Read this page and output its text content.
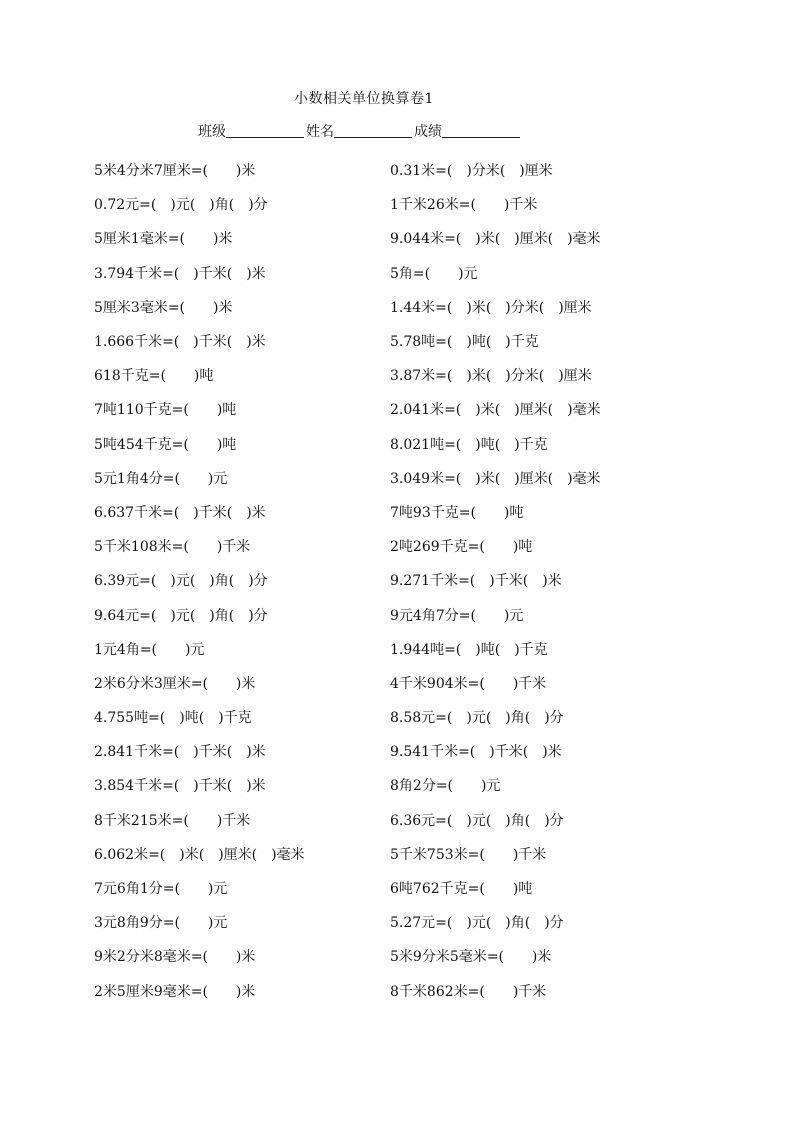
小数相关单位换算卷1
班级	姓名	成绩
5米4分米7厘米=(　　)米	0.31米=(　)分米(　)厘米
0.72元=(　)元(　)角(　)分	1千米26米=(　　)千米
5厘米1毫米=(　　)米	9.044米=(　)米(　)厘米(　)毫米
3.794千米=(　)千米(　)米	5角=(　　)元
5厘米3毫米=(　　)米	1.44米=(　)米(　)分米(　)厘米
1.666千米=(　)千米(　)米	5.78吨=(　)吨(　)千克
618千克=(　　)吨	3.87米=(　)米(　)分米(　)厘米
7吨110千克=(　　)吨	2.041米=(　)米(　)厘米(　)毫米
5吨454千克=(　　)吨	8.021吨=(　)吨(　)千克
5元1角4分=(　　)元	3.049米=(　)米(　)厘米(　)毫米
6.637千米=(　)千米(　)米	7吨93千克=(　　)吨
5千米108米=(　　)千米	2吨269千克=(　　)吨
6.39元=(　)元(　)角(　)分	9.271千米=(　)千米(　)米
9.64元=(　)元(　)角(　)分	9元4角7分=(　　)元
1元4角=(　　)元	1.944吨=(　)吨(　)千克
2米6分米3厘米=(　　)米	4千米904米=(　　)千米
4.755吨=(　)吨(　)千克	8.58元=(　)元(　)角(　)分
2.841千米=(　)千米(　)米	9.541千米=(　)千米(　)米
3.854千米=(　)千米(　)米	8角2分=(　　)元
8千米215米=(　　)千米	6.36元=(　)元(　)角(　)分
6.062米=(　)米(　)厘米(　)毫米	5千米753米=(　　)千米
7元6角1分=(　　)元	6吨762千克=(　　)吨
3元8角9分=(　　)元	5.27元=(　)元(　)角(　)分
9米2分米8毫米=(　　)米	5米9分米5毫米=(　　)米
2米5厘米9毫米=(　　)米	8千米862米=(　　)千米
